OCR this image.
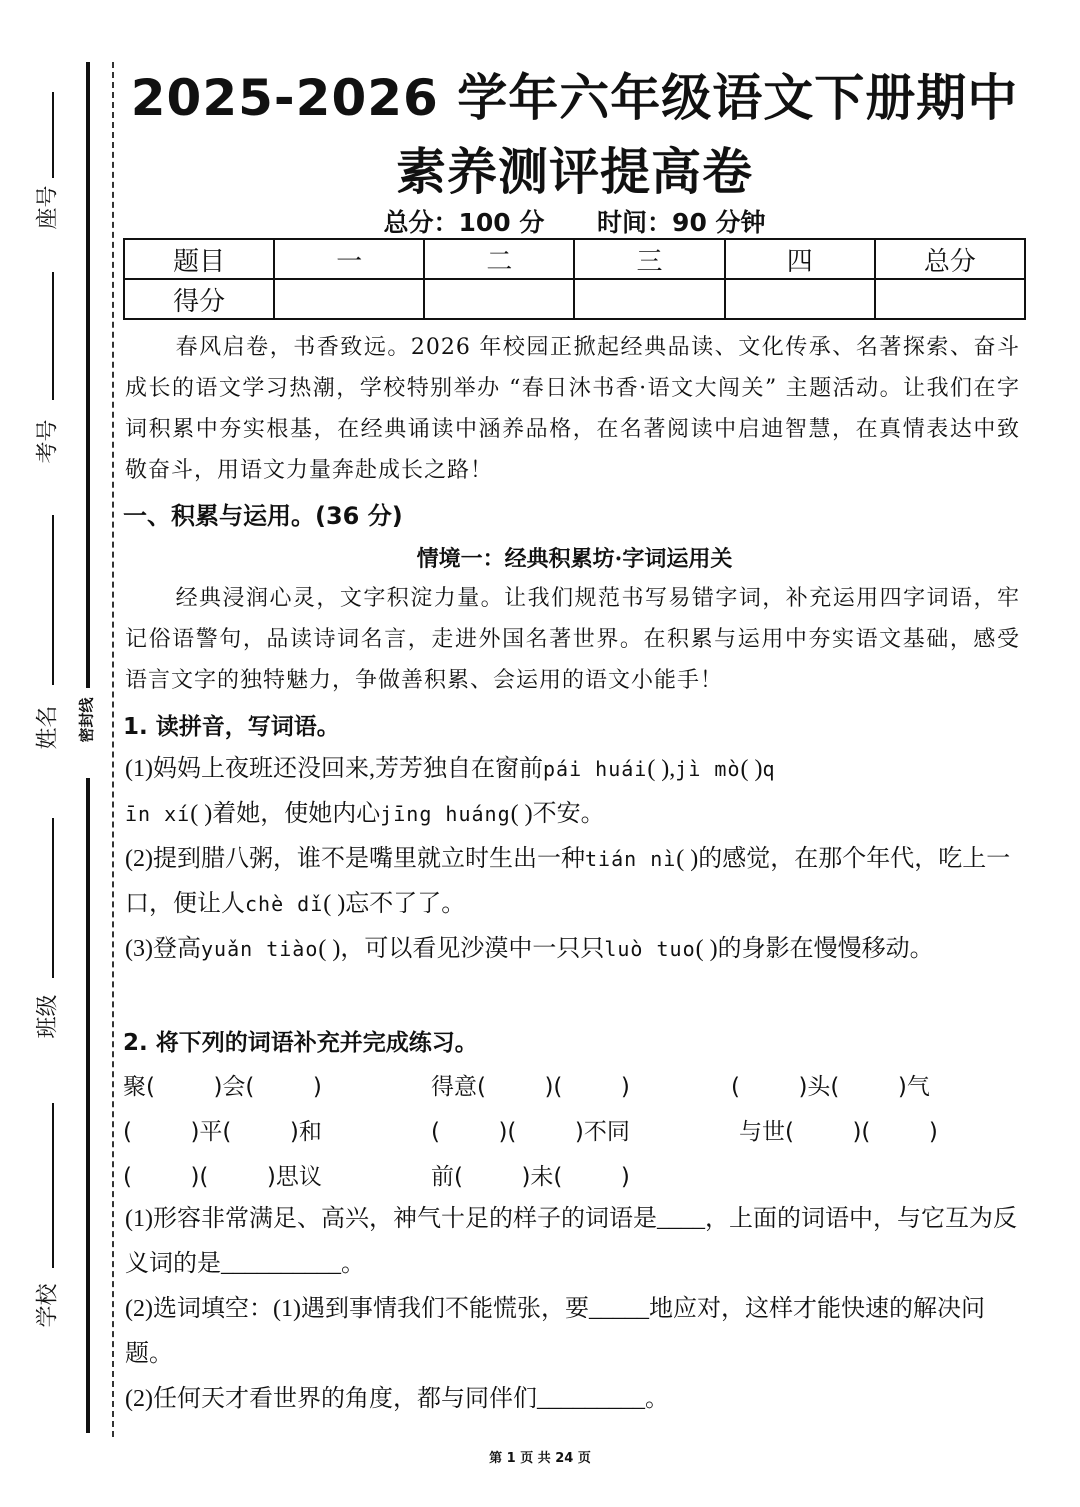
座号
考号
姓名
班级
学校
密封线
2025-2026 学年六年级语文下册期中
素养测评提高卷
总分：100 分 时间：90 分钟
题目	一	二	三	四	总分
得分					
春风启卷，书香致远。2026 年校园正掀起经典品读、文化传承、名著探索、奋斗成长的语文学习热潮，学校特别举办 “春日沐书香·语文大闯关” 主题活动。让我们在字词积累中夯实根基，在经典诵读中涵养品格，在名著阅读中启迪智慧，在真情表达中致敬奋斗，用语文力量奔赴成长之路！
一、积累与运用。(36 分)
情境一：经典积累坊·字词运用关
经典浸润心灵，文字积淀力量。让我们规范书写易错字词，补充运用四字词语，牢记俗语警句，品读诗词名言，走进外国名著世界。在积累与运用中夯实语文基础，感受语言文字的独特魅力，争做善积累、会运用的语文小能手！
1. 读拼音，写词语。
(1)妈妈上夜班还没回来,芳芳独自在窗前pái huái( ),jì mò( )q
īn xí( )着她，使她内心jīng huáng( )不安。
(2)提到腊八粥，谁不是嘴里就立时生出一种tián nì( )的感觉，在那个年代，吃上一口，便让人chè dǐ( )忘不了了。
(3)登高yuǎn tiào( )，可以看见沙漠中一只只luò tuo( )的身影在慢慢移动。
2. 将下列的词语补充并完成练习。
聚(        )会(        )	得意(        )(        )	(        )头(        )气
(        )平(        )和	(        )(        )不同	与世(        )(        )
(        )(        )思议	前(        )未(        )
(1)形容非常满足、高兴，神气十足的样子的词语是____，上面的词语中，与它互为反义词的是__________。
(2)选词填空：(1)遇到事情我们不能慌张，要_____地应对，这样才能快速的解决问题。
(2)任何天才看世界的角度，都与同伴们_________。
第 1 页 共 24 页
